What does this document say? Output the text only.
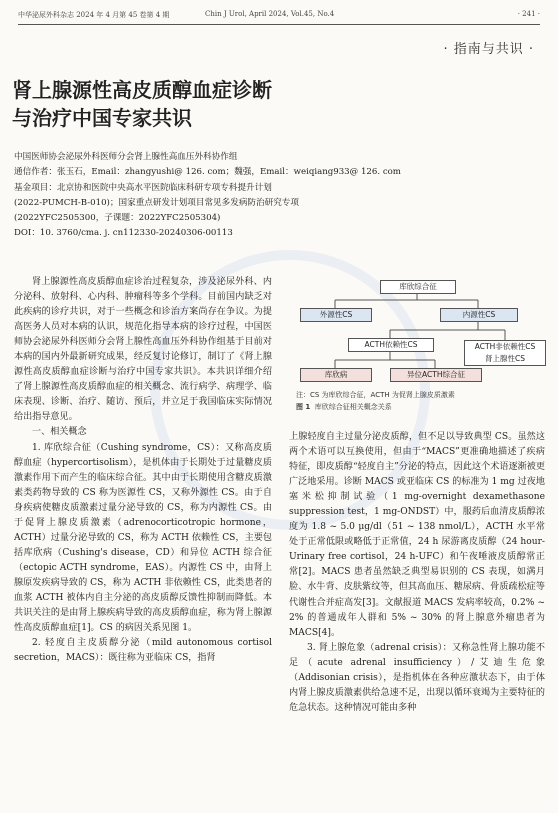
中华泌尿外科杂志 2024 年 4 月第 45 卷第 4 期	Chin J Urol, April 2024, Vol.45, No.4	· 241 ·
· 指南与共识 ·
肾上腺源性高皮质醇血症诊断
与治疗中国专家共识
中国医师协会泌尿外科医师分会肾上腺性高血压外科协作组
通信作者：张玉石，Email：zhangyushi@ 126. com；魏强，Email：weiqiang933@ 126. com
基金项目：北京协和医院中央高水平医院临床科研专项专科提升计划
(2022-PUMCH-B-010)；国家重点研发计划项目常见多发病防治研究专项
(2022YFC2505300，子课题：2022YFC2505304)
DOI：10. 3760/cma. j. cn112330-20240306-00113

肾上腺源性高皮质醇血症诊治过程复杂，涉及泌尿外科、内分泌科、放射科、心内科、肿瘤科等多个学科。目前国内缺乏对此疾病的诊疗共识，对于一些概念和诊治方案尚存在争议。为提高医务人员对本病的认识，规范化指导本病的诊疗过程，中国医师协会泌尿外科医师分会肾上腺性高血压外科协作组基于目前对本病的国内外最新研究成果，经反复讨论修订，制订了《肾上腺源性高皮质醇血症诊断与治疗中国专家共识》。本共识详细介绍了肾上腺源性高皮质醇血症的相关概念、流行病学、病理学、临床表现、诊断、治疗、随访、预后，并立足于我国临床实际情况给出指导意见。

一、相关概念

1. 库欣综合征（Cushing syndrome，CS）：又称高皮质醇血症（hypercortisolism），是机体由于长期处于过量糖皮质激素作用下而产生的临床综合征。其中由于长期使用含糖皮质激素类药物导致的 CS 称为医源性 CS，又称外源性 CS。由于自身疾病使糖皮质激素过量分泌导致的 CS，称为内源性 CS。由于促肾上腺皮质激素（adrenocorticotropic hormone，ACTH）过量分泌导致的 CS，称为 ACTH 依赖性 CS，主要包括库欣病（Cushing's disease，CD）和异位 ACTH 综合征（ectopic ACTH syndrome，EAS）。内源性 CS 中，由肾上腺原发疾病导致的 CS，称为 ACTH 非依赖性 CS，此类患者的血浆 ACTH 被体内自主分泌的高皮质醇反馈性抑制而降低。本共识关注的是由肾上腺疾病导致的高皮质醇血症，称为肾上腺源性高皮质醇血症[1]。CS 的病因关系见图 1。

2. 轻度自主皮质醇分泌（mild autonomous cortisol secretion，MACS）：既往称为亚临床 CS，指肾

库欣综合征
外源性CS	内源性CS
ACTH依赖性CS	ACTH非依赖性CS
肾上腺性CS
库欣病	异位ACTH综合征
注：CS 为库欣综合征，ACTH 为促肾上腺皮质激素
图 1 库欣综合征相关概念关系

上腺轻度自主过量分泌皮质醇，但不足以导致典型 CS。虽然这两个术语可以互换使用，但由于“MACS”更准确地描述了疾病特征，即皮质醇“轻度自主”分泌的特点，因此这个术语逐渐被更广泛地采用。诊断 MACS 或亚临床 CS 的标准为 1 mg 过夜地塞米松抑制试验（1 mg-overnight dexamethasone suppression test，1 mg-ONDST）中，服药后血清皮质醇浓度为 1.8 ~ 5.0 μg/dl（51 ~ 138 nmol/L），ACTH 水平常处于正常低限或略低于正常值，24 h 尿游离皮质醇（24 hour-Urinary free cortisol，24 h-UFC）和午夜唾液皮质醇常正常[2]。MACS 患者虽然缺乏典型易识别的 CS 表现，如满月脸、水牛背、皮肤紫纹等，但其高血压、糖尿病、骨质疏松症等代谢性合并症高发[3]。文献报道 MACS 发病率较高，0.2% ~ 2% 的普通成年人群和 5% ~ 30% 的肾上腺意外瘤患者为 MACS[4]。

3. 肾上腺危象（adrenal crisis）：又称急性肾上腺功能不足（acute adrenal insufficiency）/艾迪生危象（Addisonian crisis），是指机体在各种应激状态下，由于体内肾上腺皮质激素供给急速不足，出现以循环衰竭为主要特征的危急状态。这种情况可能由多种
